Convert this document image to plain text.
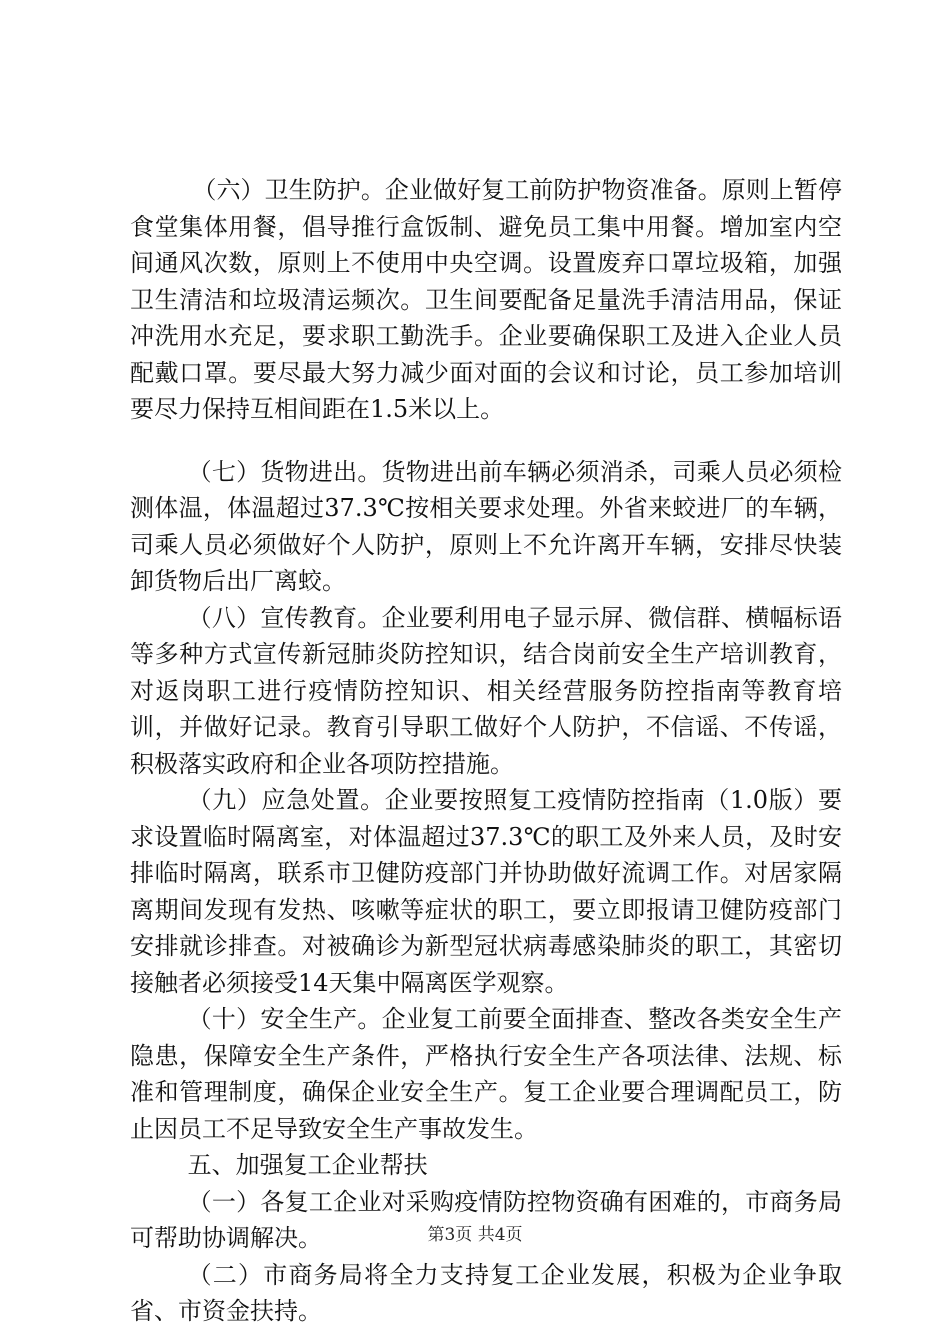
（六）卫生防护。企业做好复工前防护物资准备。原则上暂停食堂集体用餐，倡导推行盒饭制、避免员工集中用餐。增加室内空间通风次数，原则上不使用中央空调。设置废弃口罩垃圾箱，加强卫生清洁和垃圾清运频次。卫生间要配备足量洗手清洁用品，保证冲洗用水充足，要求职工勤洗手。企业要确保职工及进入企业人员配戴口罩。要尽最大努力减少面对面的会议和讨论，员工参加培训要尽力保持互相间距在1.5米以上。

（七）货物进出。货物进出前车辆必须消杀，司乘人员必须检测体温，体温超过37.3℃按相关要求处理。外省来蛟进厂的车辆，司乘人员必须做好个人防护，原则上不允许离开车辆，安排尽快装卸货物后出厂离蛟。

（八）宣传教育。企业要利用电子显示屏、微信群、横幅标语等多种方式宣传新冠肺炎防控知识，结合岗前安全生产培训教育，对返岗职工进行疫情防控知识、相关经营服务防控指南等教育培训，并做好记录。教育引导职工做好个人防护，不信谣、不传谣，积极落实政府和企业各项防控措施。

（九）应急处置。企业要按照复工疫情防控指南（1.0版）要求设置临时隔离室，对体温超过37.3℃的职工及外来人员，及时安排临时隔离，联系市卫健防疫部门并协助做好流调工作。对居家隔离期间发现有发热、咳嗽等症状的职工，要立即报请卫健防疫部门安排就诊排查。对被确诊为新型冠状病毒感染肺炎的职工，其密切接触者必须接受14天集中隔离医学观察。

（十）安全生产。企业复工前要全面排查、整改各类安全生产隐患，保障安全生产条件，严格执行安全生产各项法律、法规、标准和管理制度，确保企业安全生产。复工企业要合理调配员工，防止因员工不足导致安全生产事故发生。

五、加强复工企业帮扶

（一）各复工企业对采购疫情防控物资确有困难的，市商务局可帮助协调解决。

（二）市商务局将全力支持复工企业发展，积极为企业争取省、市资金扶持。

第3页 共4页
